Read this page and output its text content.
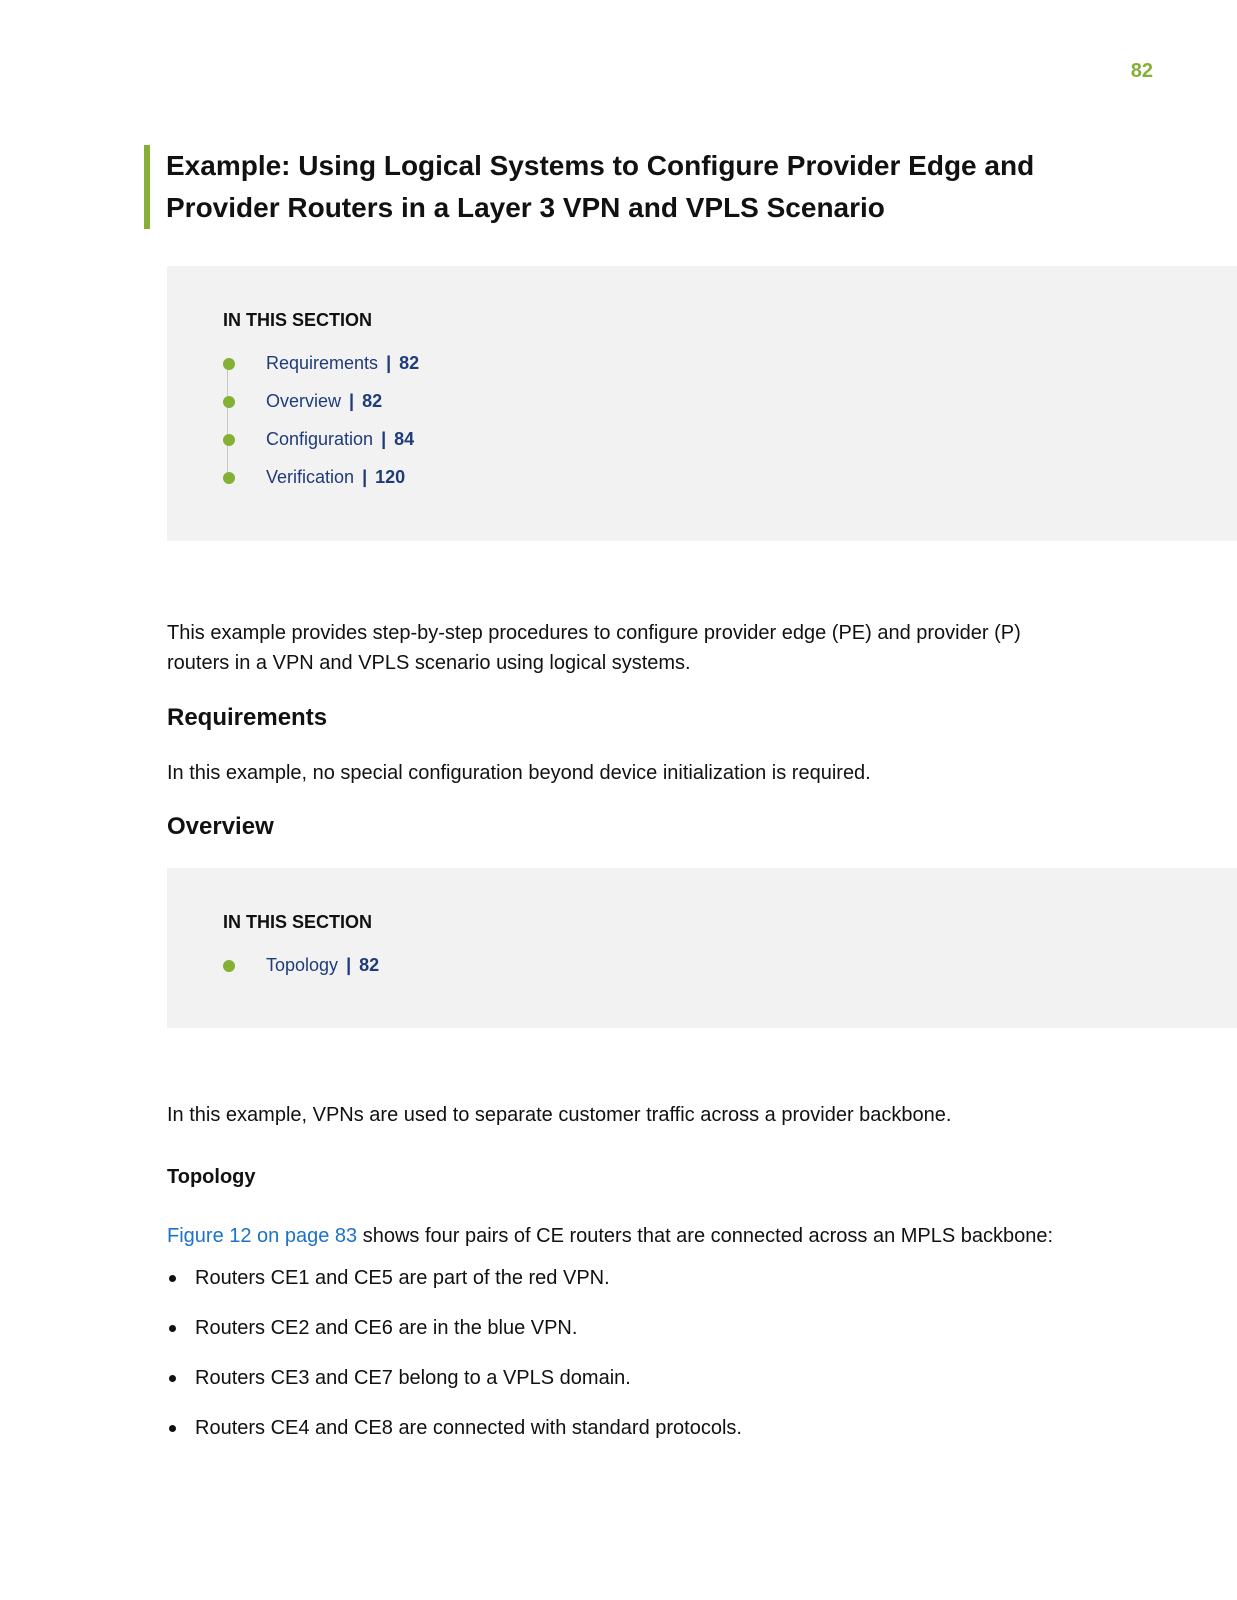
82
Example: Using Logical Systems to Configure Provider Edge and Provider Routers in a Layer 3 VPN and VPLS Scenario
IN THIS SECTION
Requirements | 82
Overview | 82
Configuration | 84
Verification | 120

This example provides step-by-step procedures to configure provider edge (PE) and provider (P) routers in a VPN and VPLS scenario using logical systems.

Requirements

In this example, no special configuration beyond device initialization is required.

Overview
IN THIS SECTION
Topology | 82

In this example, VPNs are used to separate customer traffic across a provider backbone.

Topology

Figure 12 on page 83 shows four pairs of CE routers that are connected across an MPLS backbone:

Routers CE1 and CE5 are part of the red VPN.
Routers CE2 and CE6 are in the blue VPN.
Routers CE3 and CE7 belong to a VPLS domain.
Routers CE4 and CE8 are connected with standard protocols.
